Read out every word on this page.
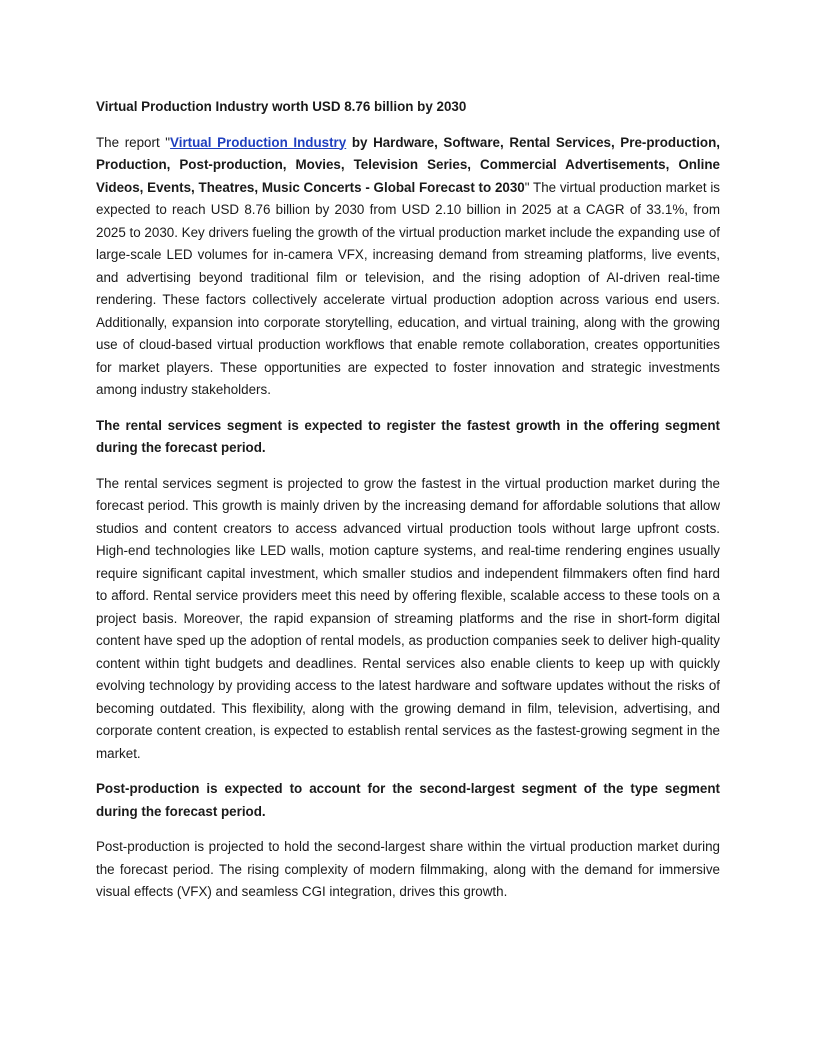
Virtual Production Industry worth USD 8.76 billion by 2030

The report "Virtual Production Industry by Hardware, Software, Rental Services, Pre-production, Production, Post-production, Movies, Television Series, Commercial Advertisements, Online Videos, Events, Theatres, Music Concerts - Global Forecast to 2030" The virtual production market is expected to reach USD 8.76 billion by 2030 from USD 2.10 billion in 2025 at a CAGR of 33.1%, from 2025 to 2030. Key drivers fueling the growth of the virtual production market include the expanding use of large-scale LED volumes for in-camera VFX, increasing demand from streaming platforms, live events, and advertising beyond traditional film or television, and the rising adoption of AI-driven real-time rendering. These factors collectively accelerate virtual production adoption across various end users. Additionally, expansion into corporate storytelling, education, and virtual training, along with the growing use of cloud-based virtual production workflows that enable remote collaboration, creates opportunities for market players. These opportunities are expected to foster innovation and strategic investments among industry stakeholders.

The rental services segment is expected to register the fastest growth in the offering segment during the forecast period.

The rental services segment is projected to grow the fastest in the virtual production market during the forecast period. This growth is mainly driven by the increasing demand for affordable solutions that allow studios and content creators to access advanced virtual production tools without large upfront costs. High-end technologies like LED walls, motion capture systems, and real-time rendering engines usually require significant capital investment, which smaller studios and independent filmmakers often find hard to afford. Rental service providers meet this need by offering flexible, scalable access to these tools on a project basis. Moreover, the rapid expansion of streaming platforms and the rise in short-form digital content have sped up the adoption of rental models, as production companies seek to deliver high-quality content within tight budgets and deadlines. Rental services also enable clients to keep up with quickly evolving technology by providing access to the latest hardware and software updates without the risks of becoming outdated. This flexibility, along with the growing demand in film, television, advertising, and corporate content creation, is expected to establish rental services as the fastest-growing segment in the market.

Post-production is expected to account for the second-largest segment of the type segment during the forecast period.

Post-production is projected to hold the second-largest share within the virtual production market during the forecast period. The rising complexity of modern filmmaking, along with the demand for immersive visual effects (VFX) and seamless CGI integration, drives this growth.
